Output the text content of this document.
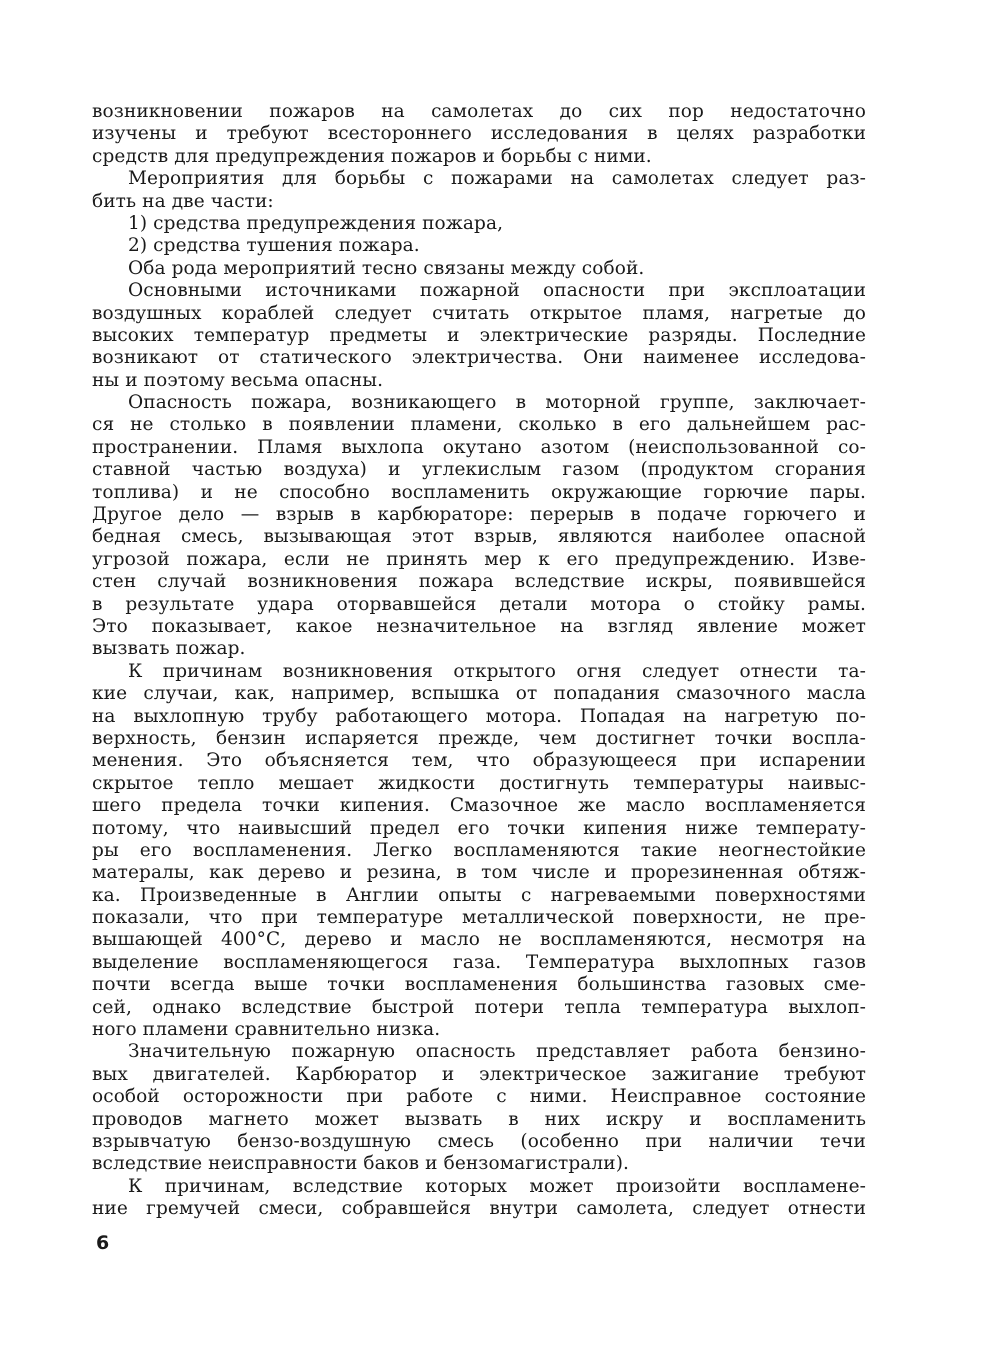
возникновении пожаров на самолетах до сих пор недостаточно
изучены и требуют всестороннего исследования в целях разработки
средств для предупреждения пожаров и борьбы с ними.
Мероприятия для борьбы с пожарами на самолетах следует раз-
бить на две части:
1) средства предупреждения пожара,
2) средства тушения пожара.
Оба рода мероприятий тесно связаны между собой.
Основными источниками пожарной опасности при эксплоатации
воздушных кораблей следует считать открытое пламя, нагретые до
высоких температур предметы и электрические разряды. Последние
возникают от статического электричества. Они наименее исследова-
ны и поэтому весьма опасны.
Опасность пожара, возникающего в моторной группе, заключает-
ся не столько в появлении пламени, сколько в его дальнейшем рас-
пространении. Пламя выхлопа окутано азотом (неиспользованной со-
ставной частью воздуха) и углекислым газом (продуктом сгорания
топлива) и не способно воспламенить окружающие горючие пары.
Другое дело — взрыв в карбюраторе: перерыв в подаче горючего и
бедная смесь, вызывающая этот взрыв, являются наиболее опасной
угрозой пожара, если не принять мер к его предупреждению. Изве-
стен случай возникновения пожара вследствие искры, появившейся
в результате удара оторвавшейся детали мотора о стойку рамы.
Это показывает, какое незначительное на взгляд явление может
вызвать пожар.
К причинам возникновения открытого огня следует отнести та-
кие случаи, как, например, вспышка от попадания смазочного масла
на выхлопную трубу работающего мотора. Попадая на нагретую по-
верхность, бензин испаряется прежде, чем достигнет точки воспла-
менения. Это объясняется тем, что образующееся при испарении
скрытое тепло мешает жидкости достигнуть температуры наивыс-
шего предела точки кипения. Смазочное же масло воспламеняется
потому, что наивысший предел его точки кипения ниже температу-
ры его воспламенения. Легко воспламеняются такие неогнестойкие
матералы, как дерево и резина, в том числе и прорезиненная обтяж-
ка. Произведенные в Англии опыты с нагреваемыми поверхностями
показали, что при температуре металлической поверхности, не пре-
вышающей 400°С, дерево и масло не воспламеняются, несмотря на
выделение воспламеняющегося газа. Температура выхлопных газов
почти всегда выше точки воспламенения большинства газовых сме-
сей, однако вследствие быстрой потери тепла температура выхлоп-
ного пламени сравнительно низка.
Значительную пожарную опасность представляет работа бензино-
вых двигателей. Карбюратор и электрическое зажигание требуют
особой осторожности при работе с ними. Неисправное состояние
проводов магнето может вызвать в них искру и воспламенить
взрывчатую бензо-воздушную смесь (особенно при наличии течи
вследствие неисправности баков и бензомагистрали).
К причинам, вследствие которых может произойти воспламене-
ние гремучей смеси, собравшейся внутри самолета, следует отнести
6
